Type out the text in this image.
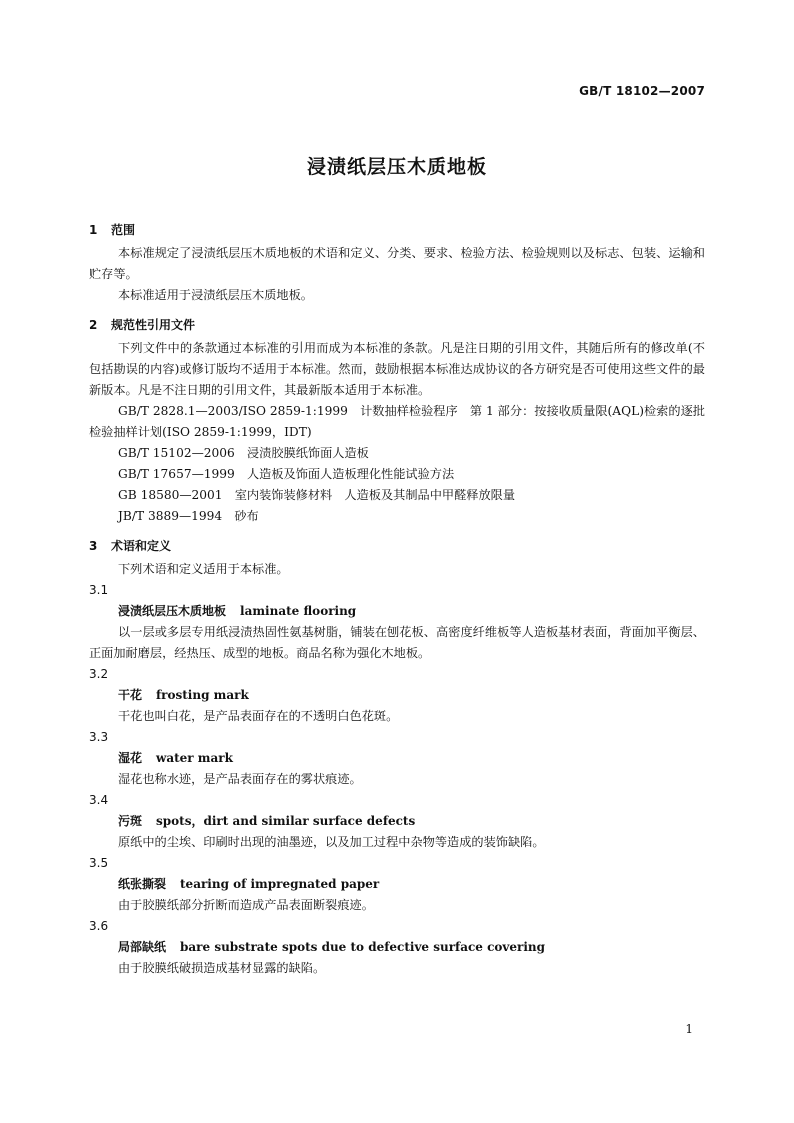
GB/T 18102—2007
浸渍纸层压木质地板
1 范围

本标准规定了浸渍纸层压木质地板的术语和定义、分类、要求、检验方法、检验规则以及标志、包装、运输和贮存等。

本标准适用于浸渍纸层压木质地板。

2 规范性引用文件

下列文件中的条款通过本标准的引用而成为本标准的条款。凡是注日期的引用文件，其随后所有的修改单(不包括勘误的内容)或修订版均不适用于本标准。然而，鼓励根据本标准达成协议的各方研究是否可使用这些文件的最新版本。凡是不注日期的引用文件，其最新版本适用于本标准。

GB/T 2828.1—2003/ISO 2859-1:1999　计数抽样检验程序　第 1 部分：按接收质量限(AQL)检索的逐批检验抽样计划(ISO 2859-1:1999，IDT)

GB/T 15102—2006　浸渍胶膜纸饰面人造板
GB/T 17657—1999　人造板及饰面人造板理化性能试验方法
GB 18580—2001　室内装饰装修材料　人造板及其制品中甲醛释放限量
JB/T 3889—1994　砂布
3 术语和定义

下列术语和定义适用于本标准。

3.1
浸渍纸层压木质地板 laminate flooring

以一层或多层专用纸浸渍热固性氨基树脂，铺装在刨花板、高密度纤维板等人造板基材表面，背面加平衡层、正面加耐磨层，经热压、成型的地板。商品名称为强化木地板。

3.2
干花 frosting mark

干花也叫白花，是产品表面存在的不透明白色花斑。

3.3
湿花 water mark

湿花也称水迹，是产品表面存在的雾状痕迹。

3.4
污斑 spots，dirt and similar surface defects

原纸中的尘埃、印刷时出现的油墨迹，以及加工过程中杂物等造成的装饰缺陷。

3.5
纸张撕裂 tearing of impregnated paper

由于胶膜纸部分折断而造成产品表面断裂痕迹。

3.6
局部缺纸 bare substrate spots due to defective surface covering

由于胶膜纸破损造成基材显露的缺陷。

1
